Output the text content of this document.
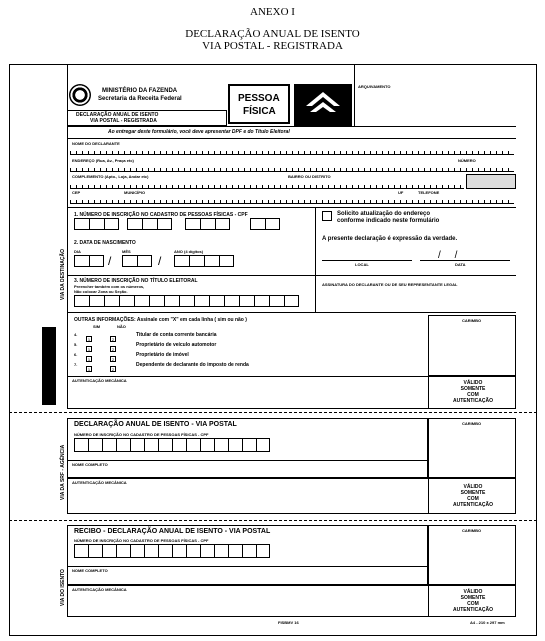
ANEXO I
DECLARAÇÃO ANUAL DE ISENTO
VIA POSTAL - REGISTRADA
MINISTÉRIO DA FAZENDA
Secretaria da Receita Federal	PESSOA
FÍSICA
ARQUIVAMENTO
DECLARAÇÃO ANUAL DE ISENTO
VIA POSTAL - REGISTRADA
Ao entregar deste formulário, você deve apresentar DPF e do Título Eleitoral
NOME DO DECLARANTE
ENDEREÇO (Rua, Av., Praça etc)	NÚMERO
COMPLEMENTO (Apto., Loja, Andar etc)	BAIRRO OU DISTRITO
CEP	MUNICÍPIO	UF	TELEFONE
VIA DA DESTINAÇÃO
1. NÚMERO DE INSCRIÇÃO NO CADASTRO DE PESSOAS FÍSICAS - CPF	Solicito atualização do endereço
conforme indicado neste formulário
A presente declaração é expressão da verdade.
2. DATA DE NASCIMENTO
DIA	MÊS	ANO (4 dígitos)
/	/	LOCAL
/     /
DATA
3. NÚMERO DE INSCRIÇÃO NO TÍTULO ELEITORAL
Preencher também com os números,
Não colocar Zona ou Seção.
ASSINATURA DO DECLARANTE OU DE SEU REPRESENTANTE LEGAL
OUTRAS INFORMAÇÕES: Assinale com "X" em cada linha ( sim ou não )
SIM	NÃO
4.
1	2
Titular de conta corrente bancária
5.
1	2
Proprietário de veículo automotor
6.
1	2
Proprietário de imóvel
7.
1	2
Dependente de declarante do imposto de renda
CARIMBO
AUTENTICAÇÃO MECÂNICA	VÁLIDO
SOMENTE
COM
AUTENTICAÇÃO
VIA DA SRF - AGÊNCIA
DECLARAÇÃO ANUAL DE ISENTO - VIA POSTAL
NÚMERO DE INSCRIÇÃO NO CADASTRO DE PESSOAS FÍSICAS - CPF
NOME COMPLETO
CARIMBO
AUTENTICAÇÃO MECÂNICA
VÁLIDO
SOMENTE
COM
AUTENTICAÇÃO
VIA DO ISENTO
RECIBO - DECLARAÇÃO ANUAL DE ISENTO - VIA POSTAL
NÚMERO DE INSCRIÇÃO NO CADASTRO DE PESSOAS FÍSICAS - CPF
NOME COMPLETO
CARIMBO
AUTENTICAÇÃO MECÂNICA	VÁLIDO
SOMENTE
COM
AUTENTICAÇÃO
FISBMV 16	A4 - 210 x 297 mm
